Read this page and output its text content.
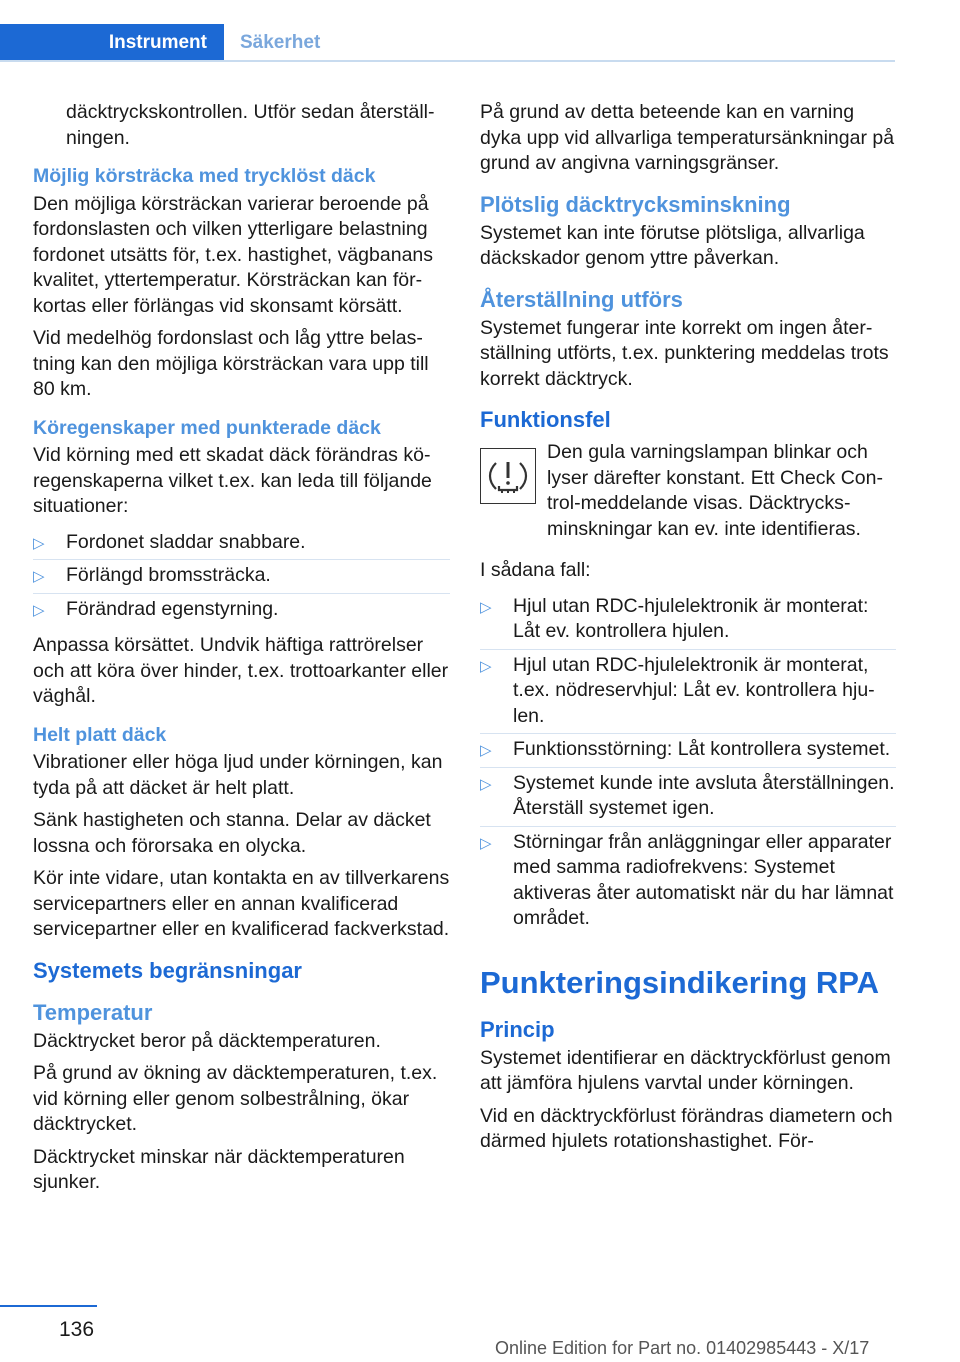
Instrument	Säkerhet

däcktryckskontrollen. Utför sedan återställningen.

Möjlig körsträcka med trycklöst däck

Den möjliga körsträckan varierar beroende på fordonslasten och vilken ytterligare belastning fordonet utsätts för, t.ex. hastighet, vägbanans kvalitet, yttertemperatur. Körsträckan kan förkortas eller förlängas vid skonsamt körsätt.

Vid medelhög fordonslast och låg yttre belastning kan den möjliga körsträckan vara upp till 80 km.

Köregenskaper med punkterade däck

Vid körning med ett skadat däck förändras köregenskaperna vilket t.ex. kan leda till följande situationer:

▷ Fordonet sladdar snabbare.
▷ Förlängd bromssträcka.
▷ Förändrad egenstyrning.

Anpassa körsättet. Undvik häftiga rattrörelser och att köra över hinder, t.ex. trottoarkanter eller väghål.

Helt platt däck

Vibrationer eller höga ljud under körningen, kan tyda på att däcket är helt platt.

Sänk hastigheten och stanna. Delar av däcket lossna och förorsaka en olycka.

Kör inte vidare, utan kontakta en av tillverkarens servicepartners eller en annan kvalificerad servicepartner eller en kvalificerad fackverkstad.

Systemets begränsningar
Temperatur

Däcktrycket beror på däcktemperaturen.

På grund av ökning av däcktemperaturen, t.ex. vid körning eller genom solbestrålning, ökar däcktrycket.

Däcktrycket minskar när däcktemperaturen sjunker.

På grund av detta beteende kan en varning dyka upp vid allvarliga temperatursänkningar på grund av angivna varningsgränser.

Plötslig däcktrycksminskning

Systemet kan inte förutse plötsliga, allvarliga däckskador genom yttre påverkan.

Återställning utförs

Systemet fungerar inte korrekt om ingen återställning utförts, t.ex. punktering meddelas trots korrekt däcktryck.

Funktionsfel

Den gula varningslampan blinkar och lyser därefter konstant. Ett Check Control-meddelande visas. Däcktrycksminskningar kan ev. inte identifieras.

I sådana fall:

▷ Hjul utan RDC-hjulelektronik är monterat: Låt ev. kontrollera hjulen.
▷ Hjul utan RDC-hjulelektronik är monterat, t.ex. nödreservhjul: Låt ev. kontrollera hjulen.
▷ Funktionsstörning: Låt kontrollera systemet.
▷ Systemet kunde inte avsluta återställningen. Återställ systemet igen.
▷ Störningar från anläggningar eller apparater med samma radiofrekvens: Systemet aktiveras åter automatiskt när du har lämnat området.
Punkteringsindikering RPA
Princip

Systemet identifierar en däcktryckförlust genom att jämföra hjulens varvtal under körningen.

Vid en däcktryckförlust förändras diametern och därmed hjulets rotationshastighet. För-

136
Online Edition for Part no. 01402985443 - X/17
